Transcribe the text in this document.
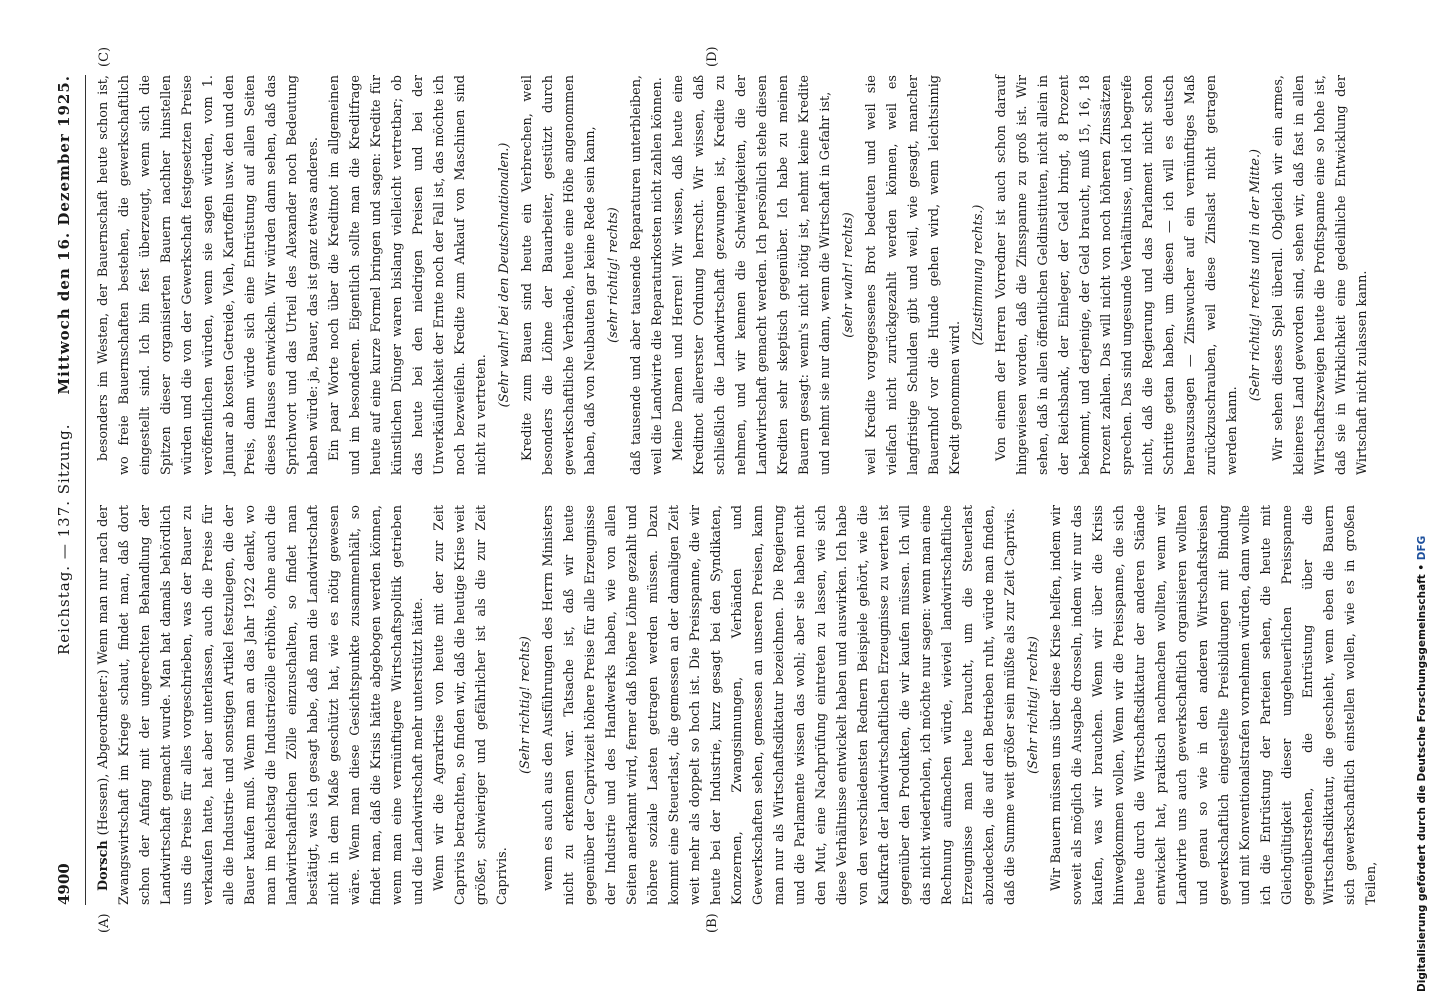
4900
Reichstag. — 137. Sitzung.
Mittwoch den 16. Dezember 1925.
(A)	(B)
(C)	(D)

Dorsch (Hessen), Abgeordneter:) Wenn man nur nach der Zwangswirtschaft im Kriege schaut, findet man, daß dort schon der Anfang mit der ungerechten Behandlung der Landwirtschaft gemacht wurde. Man hat damals behördlich uns die Preise für alles vorgeschrieben, was der Bauer zu verkaufen hatte, hat aber unterlassen, auch die Preise für alle die Industrie- und sonstigen Artikel festzulegen, die der Bauer kaufen muß. Wenn man an das Jahr 1922 denkt, wo man im Reichstag die Industriezölle erhöhte, ohne auch die landwirtschaftlichen Zölle einzuschalten, so findet man bestätigt, was ich gesagt habe, daß man die Landwirtschaft nicht in dem Maße geschützt hat, wie es nötig gewesen wäre. Wenn man diese Gesichtspunkte zusammenhält, so findet man, daß die Krisis hätte abgebogen werden können, wenn man eine vernünftigere Wirtschaftspolitik getrieben und die Landwirtschaft mehr unterstützt hätte. Wenn wir die Agrarkrise von heute mit der zur Zeit Caprivis betrachten, so finden wir, daß die heutige Krise weit größer, schwieriger und gefährlicher ist als die zur Zeit Caprivis.

(Sehr richtig! rechts) wenn es auch aus den Ausführungen des Herrn Ministers nicht zu erkennen war. Tatsache ist, daß wir heute gegenüber der Caprivizeit höhere Preise für alle Erzeugnisse der Industrie und des Handwerks haben, wie von allen Seiten anerkannt wird, ferner daß höhere Löhne gezahlt und höhere soziale Lasten getragen werden müssen. Dazu kommt eine Steuerlast, die gemessen an der damaligen Zeit weit mehr als doppelt so hoch ist. Die Preisspanne, die wir heute bei der Industrie, kurz gesagt bei den Syndikaten, Konzernen, Zwangsinnungen, Verbänden und Gewerkschaften sehen, gemessen an unseren Preisen, kann man nur als Wirtschaftsdiktatur bezeichnen. Die Regierung und die Parlamente wissen das wohl; aber sie haben nicht den Mut, eine Nachprüfung eintreten zu lassen, wie sich diese Verhältnisse entwickelt haben und auswirken. Ich habe von den verschiedensten Rednern Beispiele gehört, wie die Kaufkraft der landwirtschaftlichen Erzeugnisse zu werten ist gegenüber den Produkten, die wir kaufen müssen. Ich will das nicht wiederholen, ich möchte nur sagen: wenn man eine Rechnung aufmachen würde, wieviel landwirtschaftliche Erzeugnisse man heute braucht, um die Steuerlast abzudecken, die auf den Betrieben ruht, würde man finden, daß die Summe weit größer sein müßte als zur Zeit Caprivis. (Sehr richtig! rechts) Wir Bauern müssen uns über diese Krise helfen, indem wir soweit als möglich die Ausgabe drosseln, indem wir nur das kaufen, was wir brauchen. Wenn wir über die Krisis hinwegkommen wollen, Wenn wir die Preisspanne, die sich heute durch die Wirtschaftsdiktatur der anderen Stände entwickelt hat, praktisch nachmachen wollten, wenn wir Landwirte uns auch gewerkschaftlich organisieren wollten und genau so wie in den anderen Wirtschaftskreisen gewerkschaftlich eingestellte Preisbildungen mit Bindung und mit Konventionalstrafen vornehmen würden, dann wollte ich die Entrüstung der Parteien sehen, die heute mit Gleichgültigkeit dieser ungeheuerlichen Preisspanne gegenüberstehen, die Entrüstung über die Wirtschaftsdiktatur, die geschieht, wenn eben die Bauern sich gewerkschaftlich einstellen wollen, wie es in großen Teilen,

besonders im Westen, der Bauernschaft heute schon ist, wo freie Bauernschaften bestehen, die gewerkschaftlich eingestellt sind. Ich bin fest überzeugt, wenn sich die Spitzen dieser organisierten Bauern nachher hinstellen würden und die von der Gewerkschaft festgesetzten Preise veröffentlichen würden, wenn sie sagen würden, vom 1. Januar ab kosten Getreide, Vieh, Kartoffeln usw. den und den Preis, dann würde sich eine Entrüstung auf allen Seiten dieses Hauses entwickeln. Wir würden dann sehen, daß das Sprichwort und das Urteil des Alexander noch Bedeutung haben würde: ja, Bauer, das ist ganz etwas anderes. Ein paar Worte noch über die Kreditnot im allgemeinen und im besonderen. Eigentlich sollte man die Kreditfrage heute auf eine kurze Formel bringen und sagen: Kredite für künstlichen Dünger waren bislang vielleicht vertretbar; ob das heute bei den niedrigen Preisen und bei der Unverkäuflichkeit der Ernte noch der Fall ist, das möchte ich noch bezweifeln. Kredite zum Ankauf von Maschinen sind nicht zu vertreten.

(Sehr wahr! bei den Deutschnationalen.) Kredite zum Bauen sind heute ein Verbrechen, weil besonders die Löhne der Bauarbeiter, gestützt durch gewerkschaftliche Verbände, heute eine Höhe angenommen haben, daß von Neubauten gar keine Rede sein kann, (sehr richtig! rechts) daß tausende und aber tausende Reparaturen unterbleiben, weil die Landwirte die Reparaturkosten nicht zahlen können. Meine Damen und Herren! Wir wissen, daß heute eine Kreditnot allererster Ordnung herrscht. Wir wissen, daß schließlich die Landwirtschaft gezwungen ist, Kredite zu nehmen, und wir kennen die Schwierigkeiten, die der Landwirtschaft gemacht werden. Ich persönlich stehe diesen Krediten sehr skeptisch gegenüber. Ich habe zu meinen Bauern gesagt: wenn's nicht nötig ist, nehmt keine Kredite und nehmt sie nur dann, wenn die Wirtschaft in Gefahr ist, (sehr wahr! rechts) weil Kredite vorgegessenes Brot bedeuten und weil sie vielfach nicht zurückgezahlt werden können, weil es langfristige Schulden gibt und weil, wie gesagt, mancher Bauernhof vor die Hunde gehen wird, wenn leichtsinnig Kredit genommen wird.

(Zustimmung rechts.) Von einem der Herren Vorredner ist auch schon darauf hingewiesen worden, daß die Zinsspanne zu groß ist. Wir sehen, daß in allen öffentlichen Geldinstituten, nicht allein in der Reichsbank, der Einleger, der Geld bringt, 8 Prozent bekommt, und derjenige, der Geld braucht, muß 15, 16, 18 Prozent zahlen. Das will nicht von noch höheren Zinssätzen sprechen. Das sind ungesunde Verhältnisse, und ich begreife nicht, daß die Regierung und das Parlament nicht schon Schritte getan haben, um diesen — ich will es deutsch herauszusagen — Zinswucher auf ein vernünftiges Maß zurückzuschrauben, weil diese Zinslast nicht getragen werden kann.

(Sehr richtig! rechts und in der Mitte.) Wir sehen dieses Spiel überall. Obgleich wir ein armes, kleineres Land geworden sind, sehen wir, daß fast in allen Wirtschaftszweigen heute die Profitspanne eine so hohe ist, daß sie in Wirklichkeit eine gedeihliche Entwicklung der Wirtschaft nicht zulassen kann.

Digitalisierung gefördert durch die Deutsche Forschungsgemeinschaft • DFG
